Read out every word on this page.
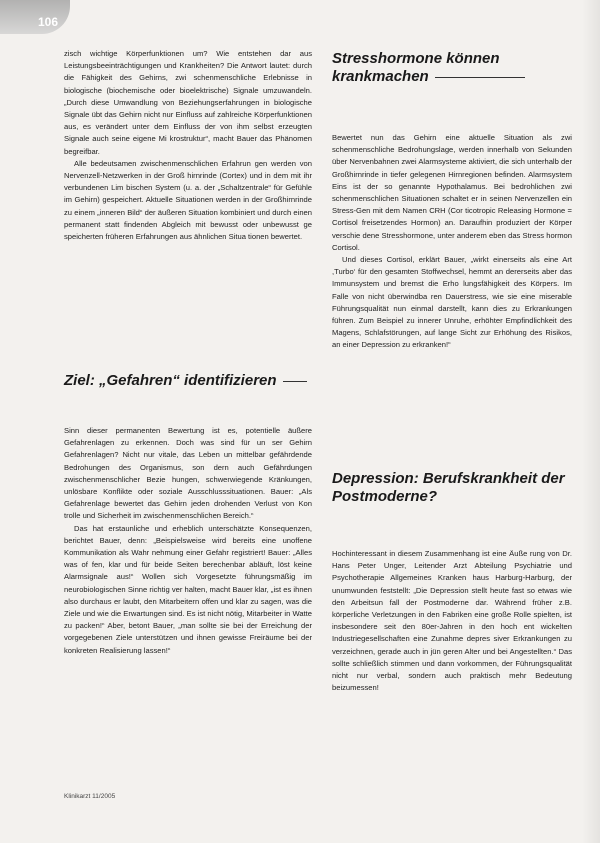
106

zisch wichtige Körperfunktionen um? Wie entstehen dar aus Leistungsbeeinträchtigungen und Krankheiten? Die Antwort lautet: durch die Fähigkeit des Gehirns, zwi schenmenschliche Erlebnisse in biologische (biochemische oder bioelektrische) Signale umzuwandeln. „Durch diese Umwandlung von Beziehungserfahrungen in biologische Signale übt das Gehirn nicht nur Einfluss auf zahlreiche Körperfunktionen aus, es verändert unter dem Einfluss der von ihm selbst erzeugten Signale auch seine eigene Mi krostruktur“, macht Bauer das Phänomen begreifbar.

Alle bedeutsamen zwischenmenschlichen Erfahrun gen werden von Nervenzell-Netzwerken in der Groß hirnrinde (Cortex) und in dem mit ihr verbundenen Lim bischen System (u. a. der „Schaltzentrale“ für Gefühle im Gehirn) gespeichert. Aktuelle Situationen werden in der Großhirnrinde zu einem „inneren Bild“ der äußeren Situation kombiniert und durch einen permanent statt findenden Abgleich mit bewusst oder unbewusst ge speicherten früheren Erfahrungen aus ähnlichen Situa tionen bewertet.

Ziel: „Gefahren“ identifizieren

Sinn dieser permanenten Bewertung ist es, potentielle äußere Gefahrenlagen zu erkennen. Doch was sind für un ser Gehirn Gefahrenlagen? Nicht nur vitale, das Leben un mittelbar gefährdende Bedrohungen des Organismus, son dern auch Gefährdungen zwischenmenschlicher Bezie hungen, schwerwiegende Kränkungen, unlösbare Konflikte oder soziale Ausschlusssituationen. Bauer: „Als Gefahrenlage bewertet das Gehirn jeden drohenden Verlust von Kon trolle und Sicherheit im zwischenmenschlichen Bereich.“

Das hat erstaunliche und erheblich unterschätzte Konsequenzen, berichtet Bauer, denn: „Beispielsweise wird bereits eine unoffene Kommunikation als Wahr nehmung einer Gefahr registriert! Bauer: „Alles was of fen, klar und für beide Seiten berechenbar abläuft, löst keine Alarmsignale aus!“ Wollen sich Vorgesetzte führungsmäßig im neurobiologischen Sinne richtig ver halten, macht Bauer klar, „ist es ihnen also durchaus er laubt, den Mitarbeitern offen und klar zu sagen, was die Ziele und wie die Erwartungen sind. Es ist nicht nötig, Mitarbeiter in Watte zu packen!“ Aber, betont Bauer, „man sollte sie bei der Erreichung der vorgegebenen Ziele unterstützen und ihnen gewisse Freiräume bei der konkreten Realisierung lassen!“

Stresshormone können krankmachen

Bewertet nun das Gehirn eine aktuelle Situation als zwi schenmenschliche Bedrohungslage, werden innerhalb von Sekunden über Nervenbahnen zwei Alarmsysteme aktiviert, die sich unterhalb der Großhirnrinde in tiefer gelegenen Hirnregionen befinden. Alarmsystem Eins ist der so genannte Hypothalamus. Bei bedrohlichen zwi schenmenschlichen Situationen schaltet er in seinen Nervenzellen ein Stress-Gen mit dem Namen CRH (Cor ticotropic Releasing Hormone = Cortisol freisetzendes Hormon) an. Daraufhin produziert der Körper verschie dene Stresshormone, unter anderem eben das Stress hormon Cortisol.

Und dieses Cortisol, erklärt Bauer, „wirkt einerseits als eine Art ,Turbo‘ für den gesamten Stoffwechsel, hemmt an dererseits aber das Immunsystem und bremst die Erho lungsfähigkeit des Körpers. Im Falle von nicht überwindba ren Dauerstress, wie sie eine miserable Führungsqualität nun einmal darstellt, kann dies zu Erkrankungen führen. Zum Beispiel zu innerer Unruhe, erhöhter Empfindlichkeit des Magens, Schlafstörungen, auf lange Sicht zur Erhöhung des Risikos, an einer Depression zu erkranken!“

Depression: Berufskrankheit der Postmoderne?

Hochinteressant in diesem Zusammenhang ist eine Äuße rung von Dr. Hans Peter Unger, Leitender Arzt Abteilung Psychiatrie und Psychotherapie Allgemeines Kranken haus Harburg-Harburg, der unumwunden feststellt: „Die Depression stellt heute fast so etwas wie den Arbeitsun fall der Postmoderne dar. Während früher z.B. körperliche Verletzungen in den Fabriken eine große Rolle spielten, ist insbesondere seit den 80er-Jahren in den hoch ent wickelten Industriegesellschaften eine Zunahme depres siver Erkrankungen zu verzeichnen, gerade auch in jün geren Alter und bei Angestellten.“ Das sollte schließlich stimmen und dann vorkommen, der Führungsqualität nicht nur verbal, sondern auch praktisch mehr Bedeutung beizumessen!

Klinikarzt 11/2005
